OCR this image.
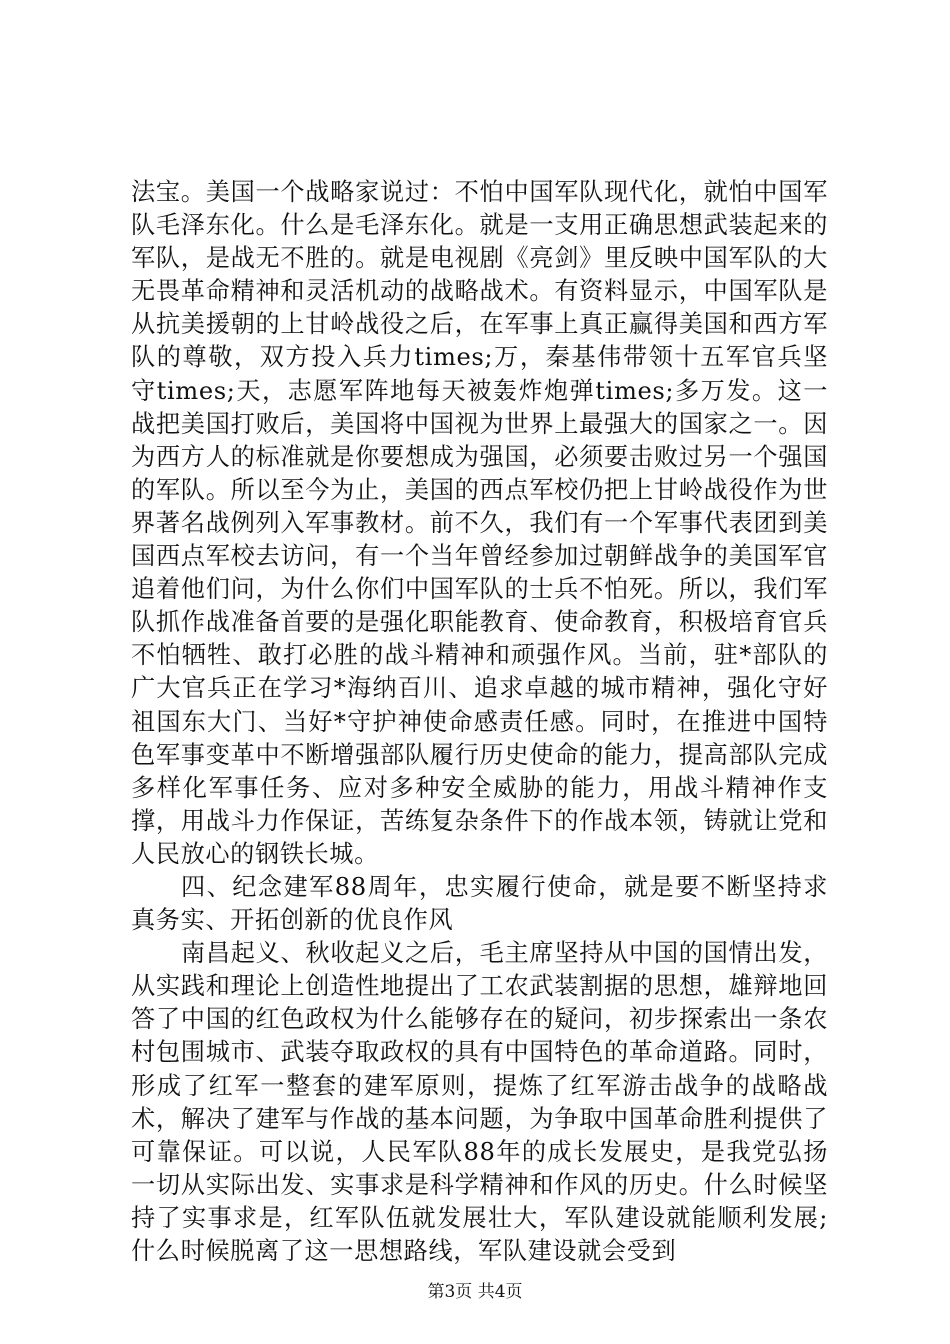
法宝。美国一个战略家说过：不怕中国军队现代化，就怕中国军队毛泽东化。什么是毛泽东化。就是一支用正确思想武装起来的军队，是战无不胜的。就是电视剧《亮剑》里反映中国军队的大无畏革命精神和灵活机动的战略战术。有资料显示，中国军队是从抗美援朝的上甘岭战役之后，在军事上真正赢得美国和西方军队的尊敬，双方投入兵力times;万，秦基伟带领十五军官兵坚守times;天，志愿军阵地每天被轰炸炮弹times;多万发。这一战把美国打败后，美国将中国视为世界上最强大的国家之一。因为西方人的标准就是你要想成为强国，必须要击败过另一个强国的军队。所以至今为止，美国的西点军校仍把上甘岭战役作为世界著名战例列入军事教材。前不久，我们有一个军事代表团到美国西点军校去访问，有一个当年曾经参加过朝鲜战争的美国军官追着他们问，为什么你们中国军队的士兵不怕死。所以，我们军队抓作战准备首要的是强化职能教育、使命教育，积极培育官兵不怕牺牲、敢打必胜的战斗精神和顽强作风。当前，驻*部队的广大官兵正在学习*海纳百川、追求卓越的城市精神，强化守好祖国东大门、当好*守护神使命感责任感。同时，在推进中国特色军事变革中不断增强部队履行历史使命的能力，提高部队完成多样化军事任务、应对多种安全威胁的能力，用战斗精神作支撑，用战斗力作保证，苦练复杂条件下的作战本领，铸就让党和人民放心的钢铁长城。

四、纪念建军88周年，忠实履行使命，就是要不断坚持求真务实、开拓创新的优良作风

南昌起义、秋收起义之后，毛主席坚持从中国的国情出发，从实践和理论上创造性地提出了工农武装割据的思想，雄辩地回答了中国的红色政权为什么能够存在的疑问，初步探索出一条农村包围城市、武装夺取政权的具有中国特色的革命道路。同时，形成了红军一整套的建军原则，提炼了红军游击战争的战略战术，解决了建军与作战的基本问题，为争取中国革命胜利提供了可靠保证。可以说，人民军队88年的成长发展史，是我党弘扬一切从实际出发、实事求是科学精神和作风的历史。什么时候坚持了实事求是，红军队伍就发展壮大，军队建设就能顺利发展;什么时候脱离了这一思想路线，军队建设就会受到

第3页 共4页
